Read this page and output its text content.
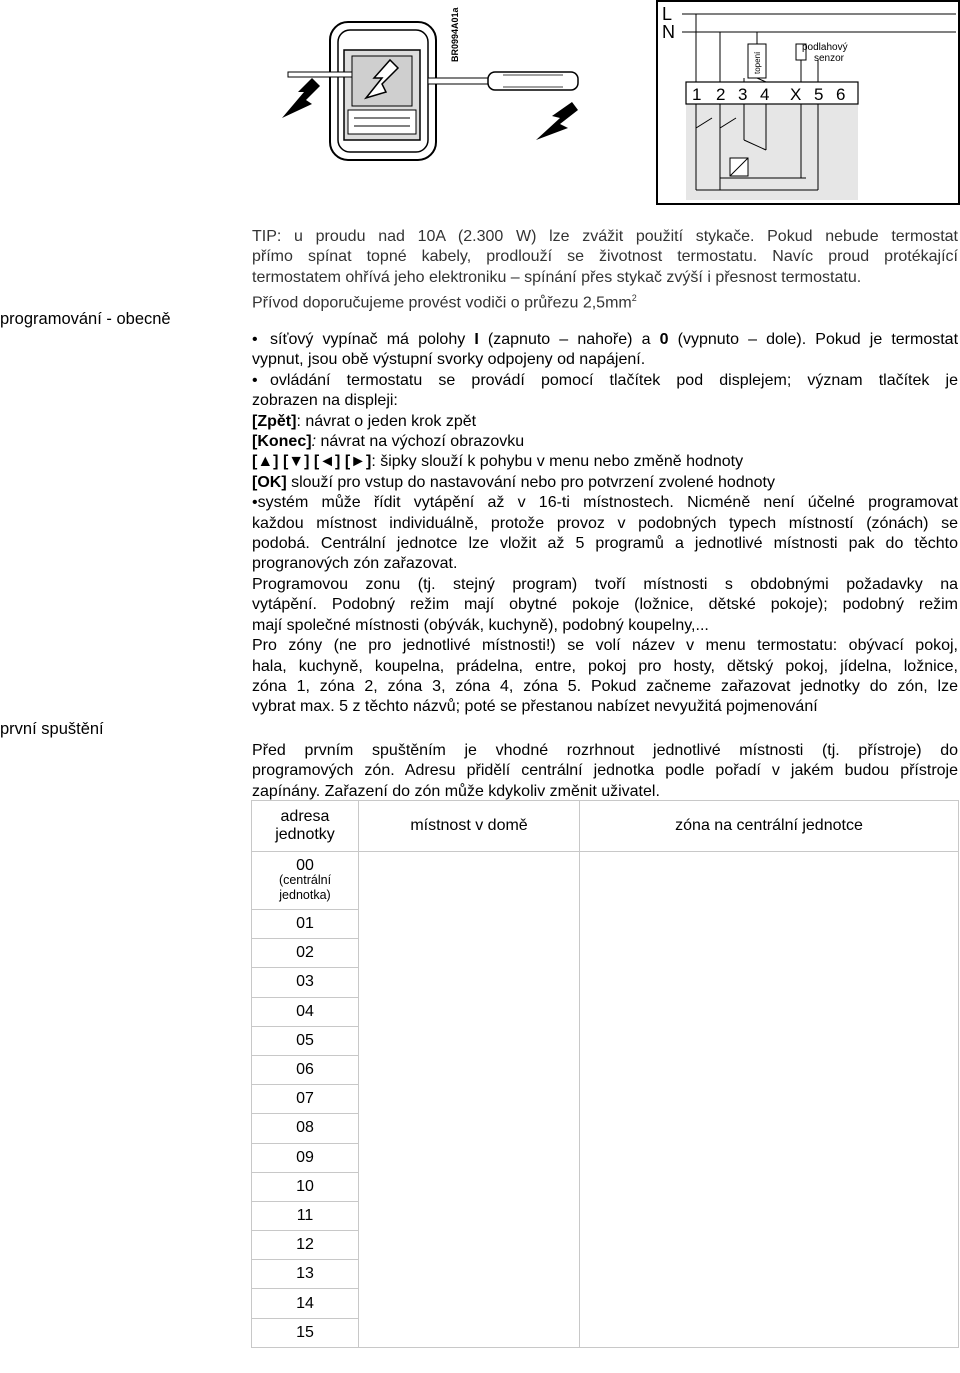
BR0994A01a	L
N
topení
podlahový
senzor
1 2 3 4 X 5 6
programování - obecně
první spuštění
TIP: u proudu nad 10A (2.300 W) lze zvážit použití stykače. Pokud nebude termostat
přímo spínat topné kabely, prodlouží se životnost termostatu. Navíc proud protékající
termostatem ohřívá jeho elektroniku – spínání přes stykač zvýší i přesnost termostatu.
Přívod doporučujeme provést vodiči o průřezu $2,5mm^2$
• síťový vypínač má polohy I (zapnuto – nahoře) a 0 (vypnuto – dole). Pokud je termostat
vypnut, jsou obě výstupní svorky odpojeny od napájení.
• ovládání termostatu se provádí pomocí tlačítek pod displejem; význam tlačítek je
zobrazen na displeji:
[Zpět]: návrat o jeden krok zpět
[Konec]: návrat na výchozí obrazovku
[▲] [▼] [◄] [►]: šipky slouží k pohybu v menu nebo změně hodnoty
[OK] slouží pro vstup do nastavování nebo pro potvrzení zvolené hodnoty
•systém může řídit vytápění až v 16-ti místnostech. Nicméně není účelné programovat
každou místnost individuálně, protože provoz v podobných typech místností (zónách) se
podobá. Centrální jednotce lze vložit až 5 programů a jednotlivé místnosti pak do těchto
progranových zón zařazovat.
Programovou zonu (tj. stejný program) tvoří místnosti s obdobnými požadavky na
vytápění. Podobný režim mají obytné pokoje (ložnice, dětské pokoje); podobný režim
mají společné místnosti (obývák, kuchyně), podobný koupelny,...
Pro zóny (ne pro jednotlivé místnosti!) se volí název v menu termostatu: obývací pokoj,
hala, kuchyně, koupelna, prádelna, entre, pokoj pro hosty, dětský pokoj, jídelna, ložnice,
zóna 1, zóna 2, zóna 3, zóna 4, zóna 5. Pokud začneme zařazovat jednotky do zón, lze
vybrat max. 5 z těchto názvů; poté se přestanou nabízet nevyužitá pojmenování
Před prvním spuštěním je vhodné rozrhnout jednotlivé místnosti (tj. přístroje) do
programových zón. Adresu přidělí centrální jednotka podle pořadí v jakém budou přístroje
zapínány. Zařazení do zón může kdykoliv změnit uživatel.
adresa
jednotky	místnost v domě	zóna na centrální jednotce

00
(centrální
jednotka)		

01		
02		
03		
04		
05		
06		
07		
08		
09		
10		
11		
12		
13		
14		
15		
